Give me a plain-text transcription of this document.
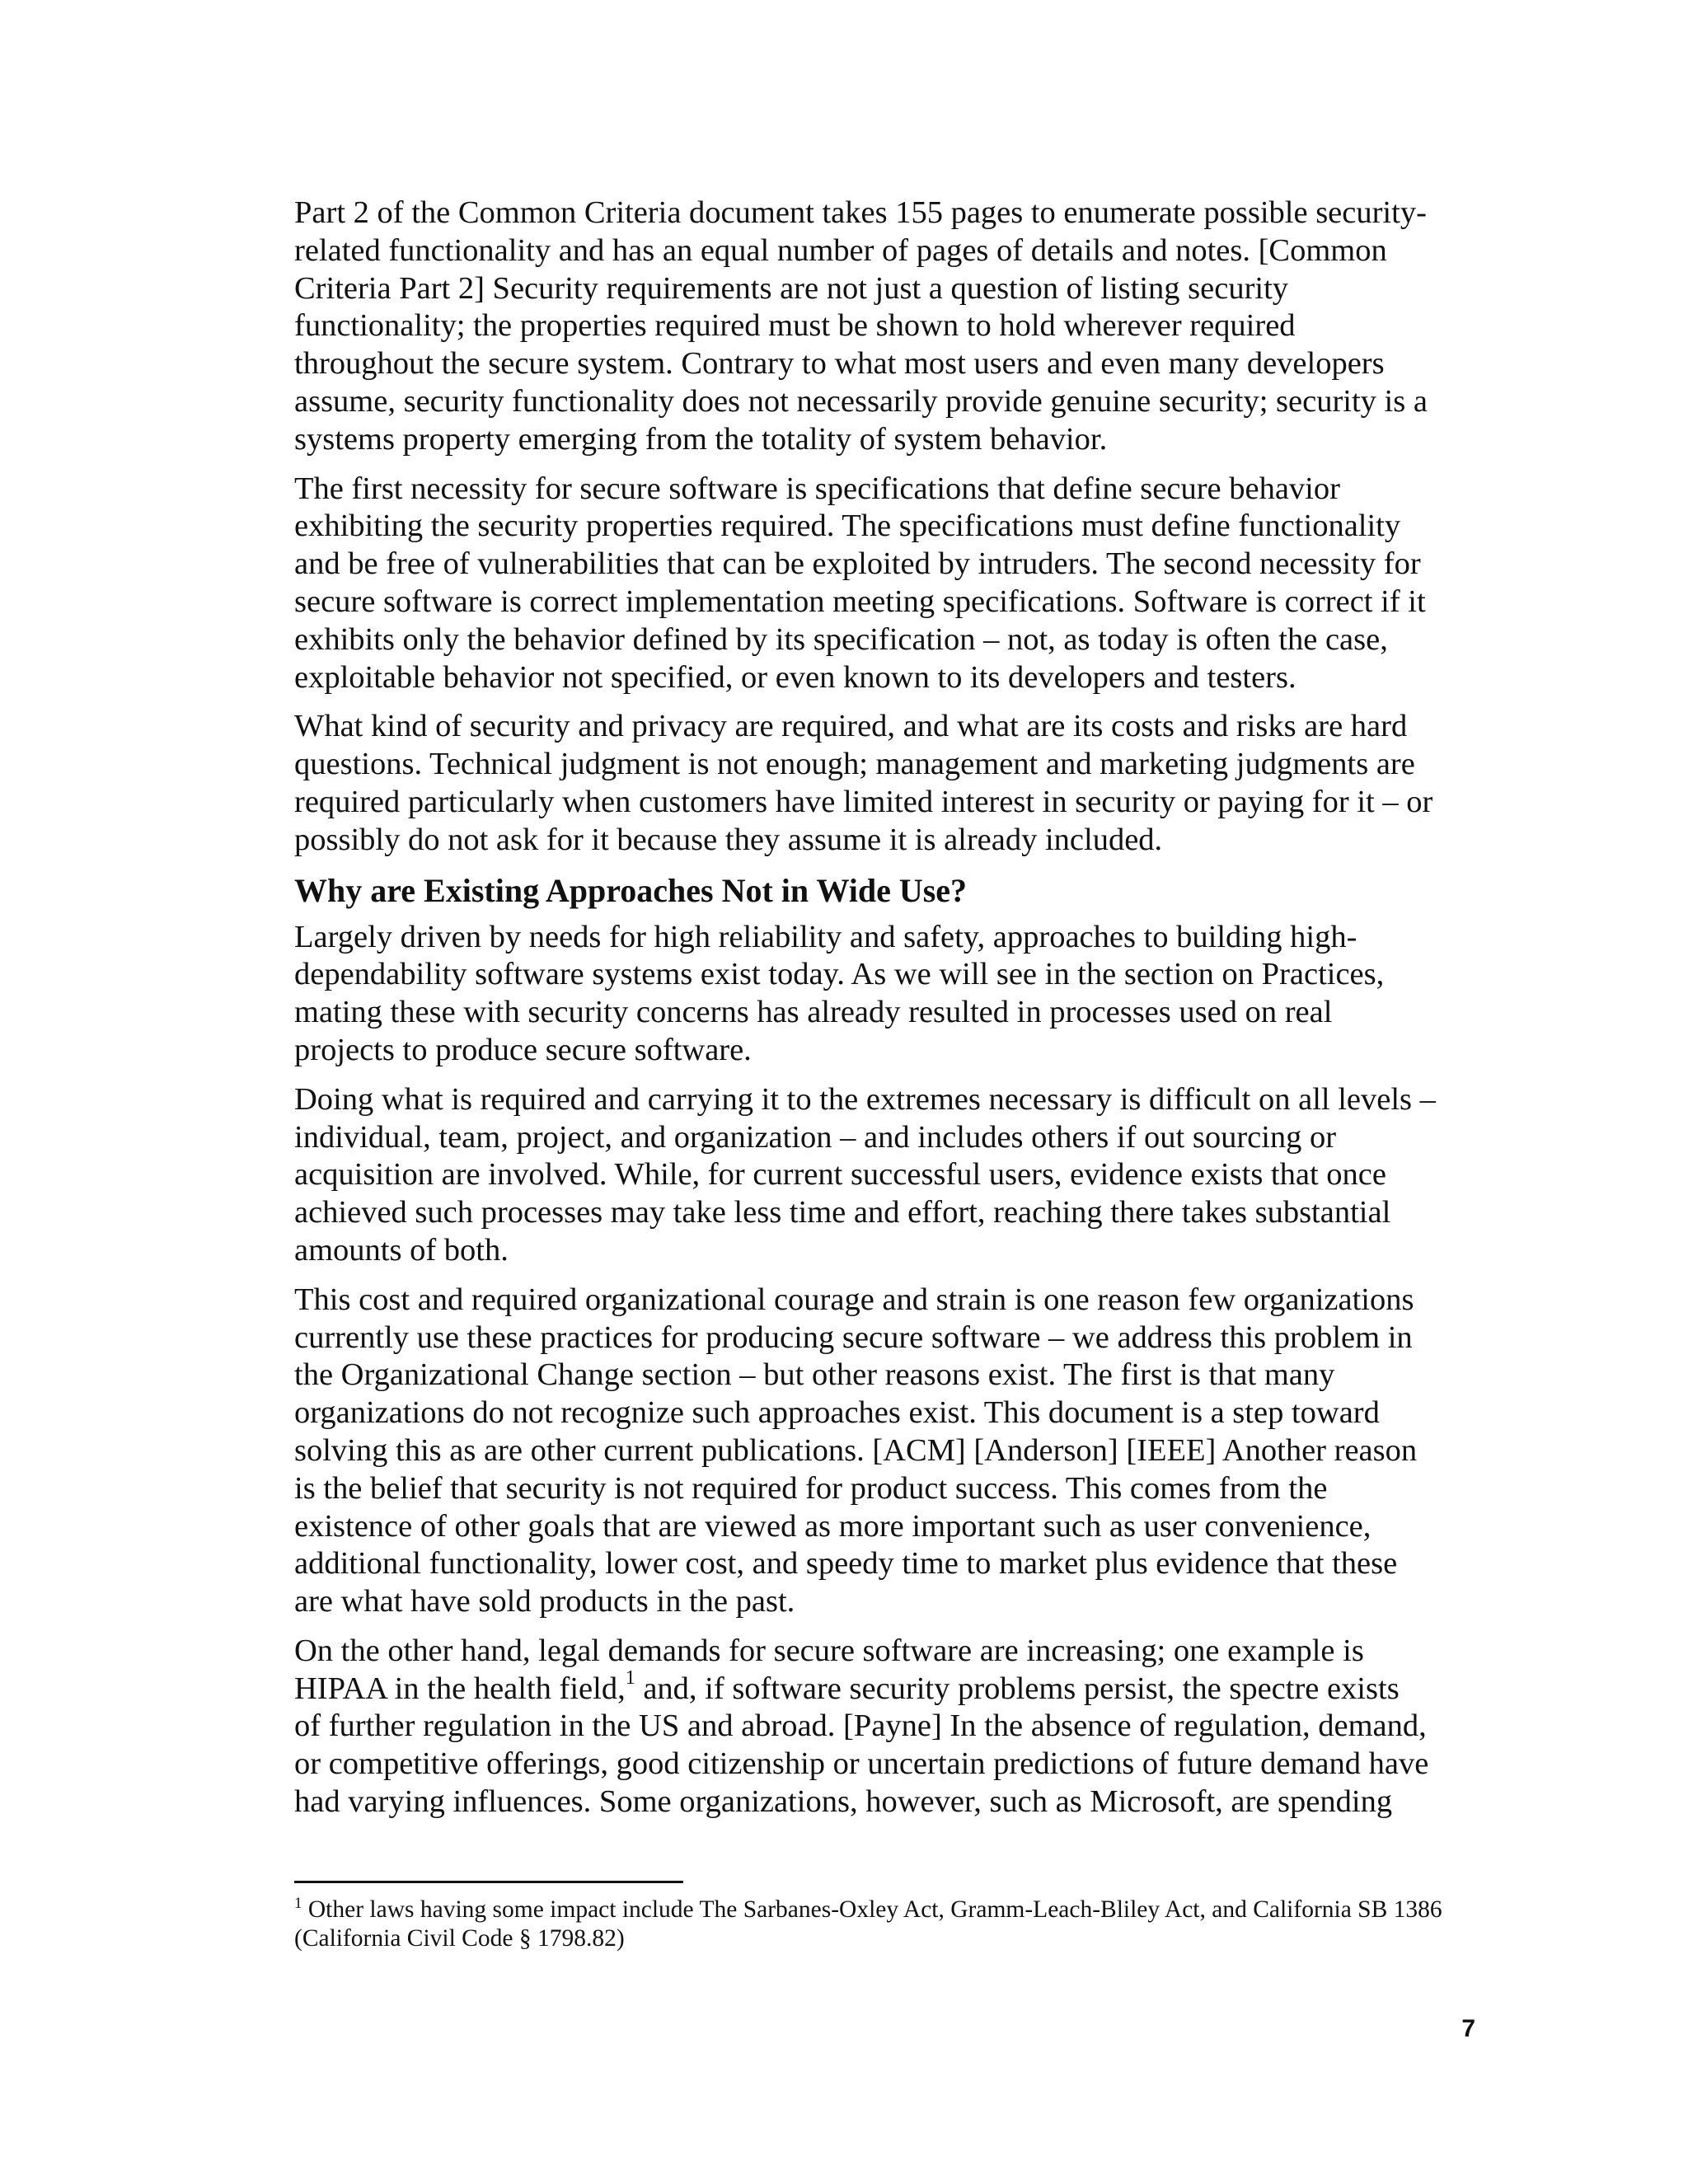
Part 2 of the Common Criteria document takes 155 pages to enumerate possible security-
related functionality and has an equal number of pages of details and notes. [Common
Criteria Part 2] Security requirements are not just a question of listing security
functionality; the properties required must be shown to hold wherever required
throughout the secure system. Contrary to what most users and even many developers
assume, security functionality does not necessarily provide genuine security; security is a
systems property emerging from the totality of system behavior.

The first necessity for secure software is specifications that define secure behavior
exhibiting the security properties required. The specifications must define functionality
and be free of vulnerabilities that can be exploited by intruders. The second necessity for
secure software is correct implementation meeting specifications. Software is correct if it
exhibits only the behavior defined by its specification – not, as today is often the case,
exploitable behavior not specified, or even known to its developers and testers.

What kind of security and privacy are required, and what are its costs and risks are hard
questions. Technical judgment is not enough; management and marketing judgments are
required particularly when customers have limited interest in security or paying for it – or
possibly do not ask for it because they assume it is already included.

Why are Existing Approaches Not in Wide Use?

Largely driven by needs for high reliability and safety, approaches to building high-
dependability software systems exist today. As we will see in the section on Practices,
mating these with security concerns has already resulted in processes used on real
projects to produce secure software.

Doing what is required and carrying it to the extremes necessary is difficult on all levels –
individual, team, project, and organization – and includes others if out sourcing or
acquisition are involved. While, for current successful users, evidence exists that once
achieved such processes may take less time and effort, reaching there takes substantial
amounts of both.

This cost and required organizational courage and strain is one reason few organizations
currently use these practices for producing secure software – we address this problem in
the Organizational Change section – but other reasons exist. The first is that many
organizations do not recognize such approaches exist. This document is a step toward
solving this as are other current publications. [ACM] [Anderson] [IEEE] Another reason
is the belief that security is not required for product success. This comes from the
existence of other goals that are viewed as more important such as user convenience,
additional functionality, lower cost, and speedy time to market plus evidence that these
are what have sold products in the past.

On the other hand, legal demands for secure software are increasing; one example is
HIPAA in the health field,$^1$ and, if software security problems persist, the spectre exists
of further regulation in the US and abroad. [Payne] In the absence of regulation, demand,
or competitive offerings, good citizenship or uncertain predictions of future demand have
had varying influences. Some organizations, however, such as Microsoft, are spending

$^1$ Other laws having some impact include The Sarbanes-Oxley Act, Gramm-Leach-Bliley Act, and California SB 1386
(California Civil Code § 1798.82)
7
